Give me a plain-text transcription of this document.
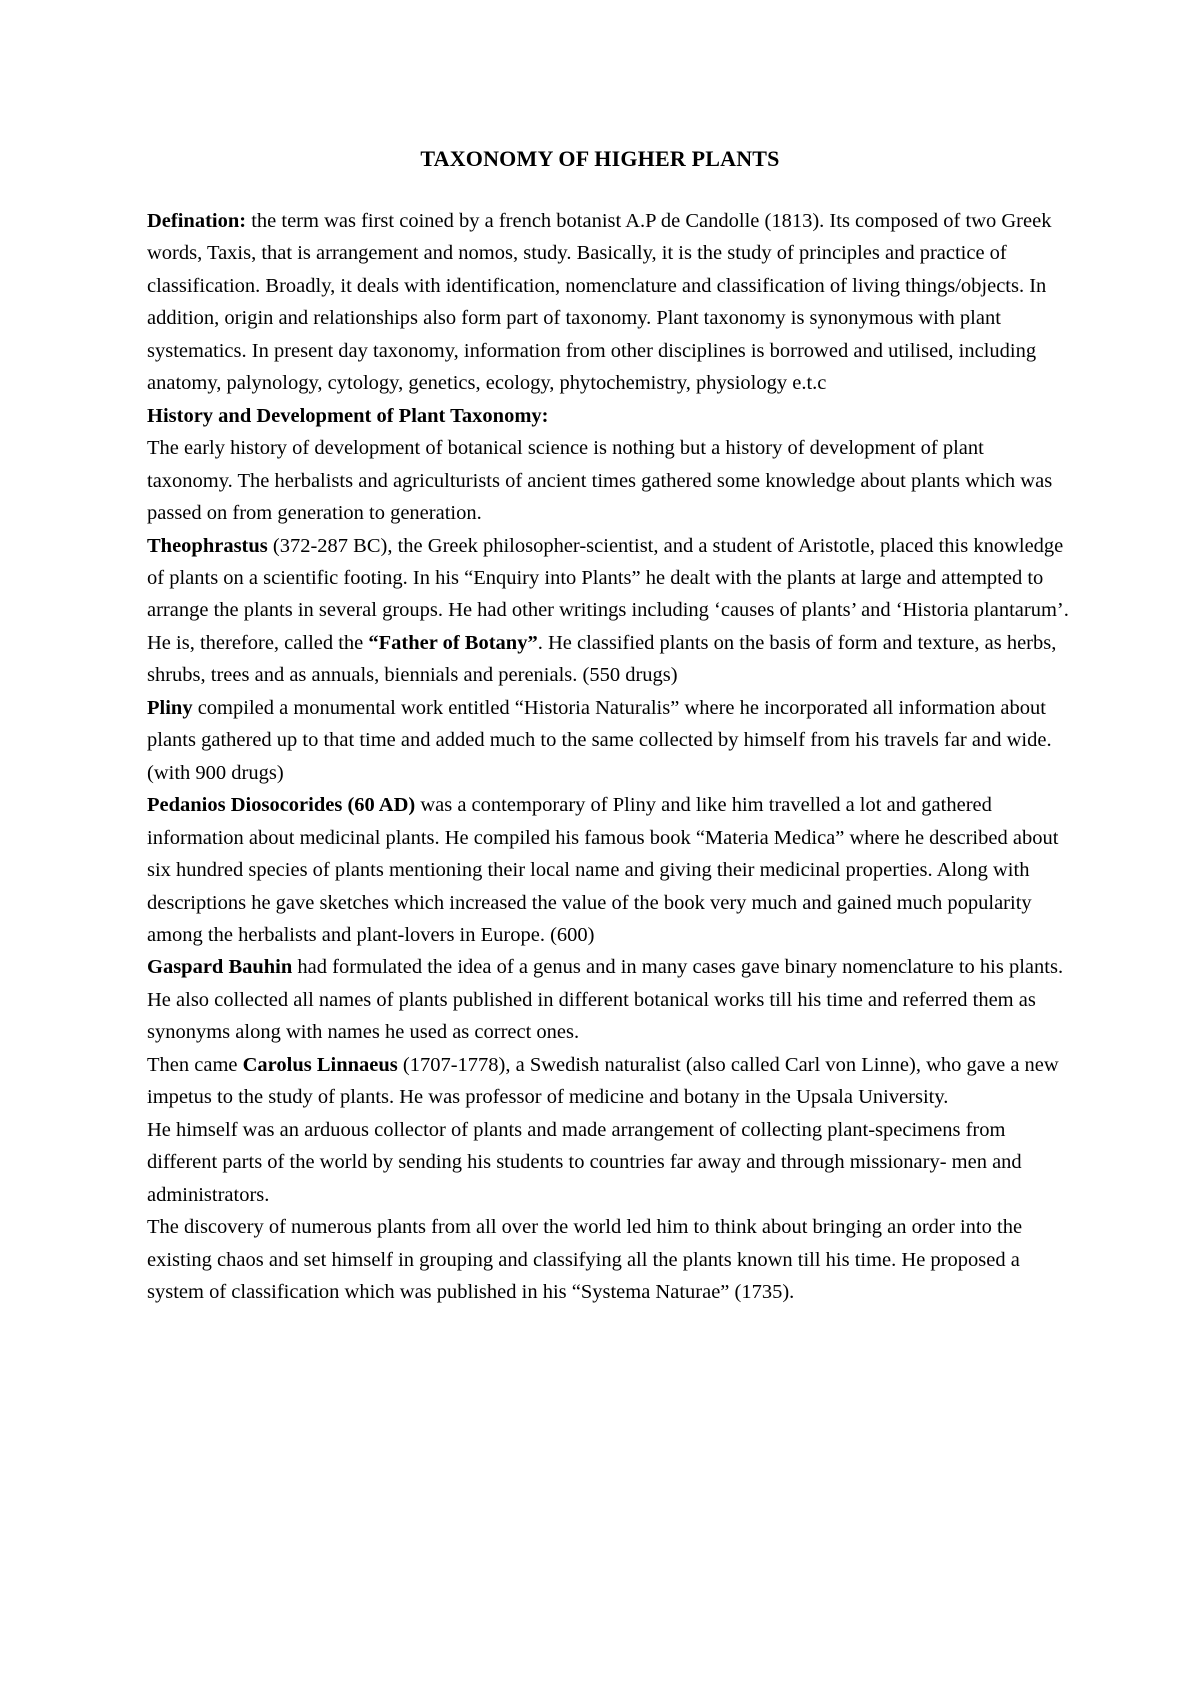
TAXONOMY OF HIGHER PLANTS

Defination: the term was first coined by a french botanist A.P de Candolle (1813). Its composed of two Greek words, Taxis, that is arrangement and nomos, study. Basically, it is the study of principles and practice of classification. Broadly, it deals with identification, nomenclature and classification of living things/objects. In addition, origin and relationships also form part of taxonomy. Plant taxonomy is synonymous with plant systematics. In present day taxonomy, information from other disciplines is borrowed and utilised, including anatomy, palynology, cytology, genetics, ecology, phytochemistry, physiology e.t.c

History and Development of Plant Taxonomy:

The early history of development of botanical science is nothing but a history of development of plant taxonomy. The herbalists and agriculturists of ancient times gathered some knowledge about plants which was passed on from generation to generation.

Theophrastus (372-287 BC), the Greek philosopher-scientist, and a student of Aristotle, placed this knowledge of plants on a scientific footing. In his “Enquiry into Plants” he dealt with the plants at large and attempted to arrange the plants in several groups. He had other writings including ‘causes of plants’ and ‘Historia plantarum’. He is, therefore, called the “Father of Botany”. He classified plants on the basis of form and texture, as herbs, shrubs, trees and as annuals, biennials and perenials. (550 drugs)

Pliny compiled a monumental work entitled “Historia Naturalis” where he incorporated all information about plants gathered up to that time and added much to the same collected by himself from his travels far and wide. (with 900 drugs)

Pedanios Diosocorides (60 AD) was a contemporary of Pliny and like him travelled a lot and gathered information about medicinal plants. He compiled his famous book “Materia Medica” where he described about six hundred species of plants mentioning their local name and giving their medicinal properties. Along with descriptions he gave sketches which increased the value of the book very much and gained much popularity among the herbalists and plant-lovers in Europe. (600)

Gaspard Bauhin had formulated the idea of a genus and in many cases gave binary nomenclature to his plants. He also collected all names of plants published in different botanical works till his time and referred them as synonyms along with names he used as correct ones.

Then came Carolus Linnaeus (1707-1778), a Swedish naturalist (also called Carl von Linne), who gave a new impetus to the study of plants. He was professor of medicine and botany in the Upsala University.

He himself was an arduous collector of plants and made arrangement of collecting plant-specimens from different parts of the world by sending his students to countries far away and through missionary- men and administrators.

The discovery of numerous plants from all over the world led him to think about bringing an order into the existing chaos and set himself in grouping and classifying all the plants known till his time. He proposed a system of classification which was published in his “Systema Naturae” (1735).
